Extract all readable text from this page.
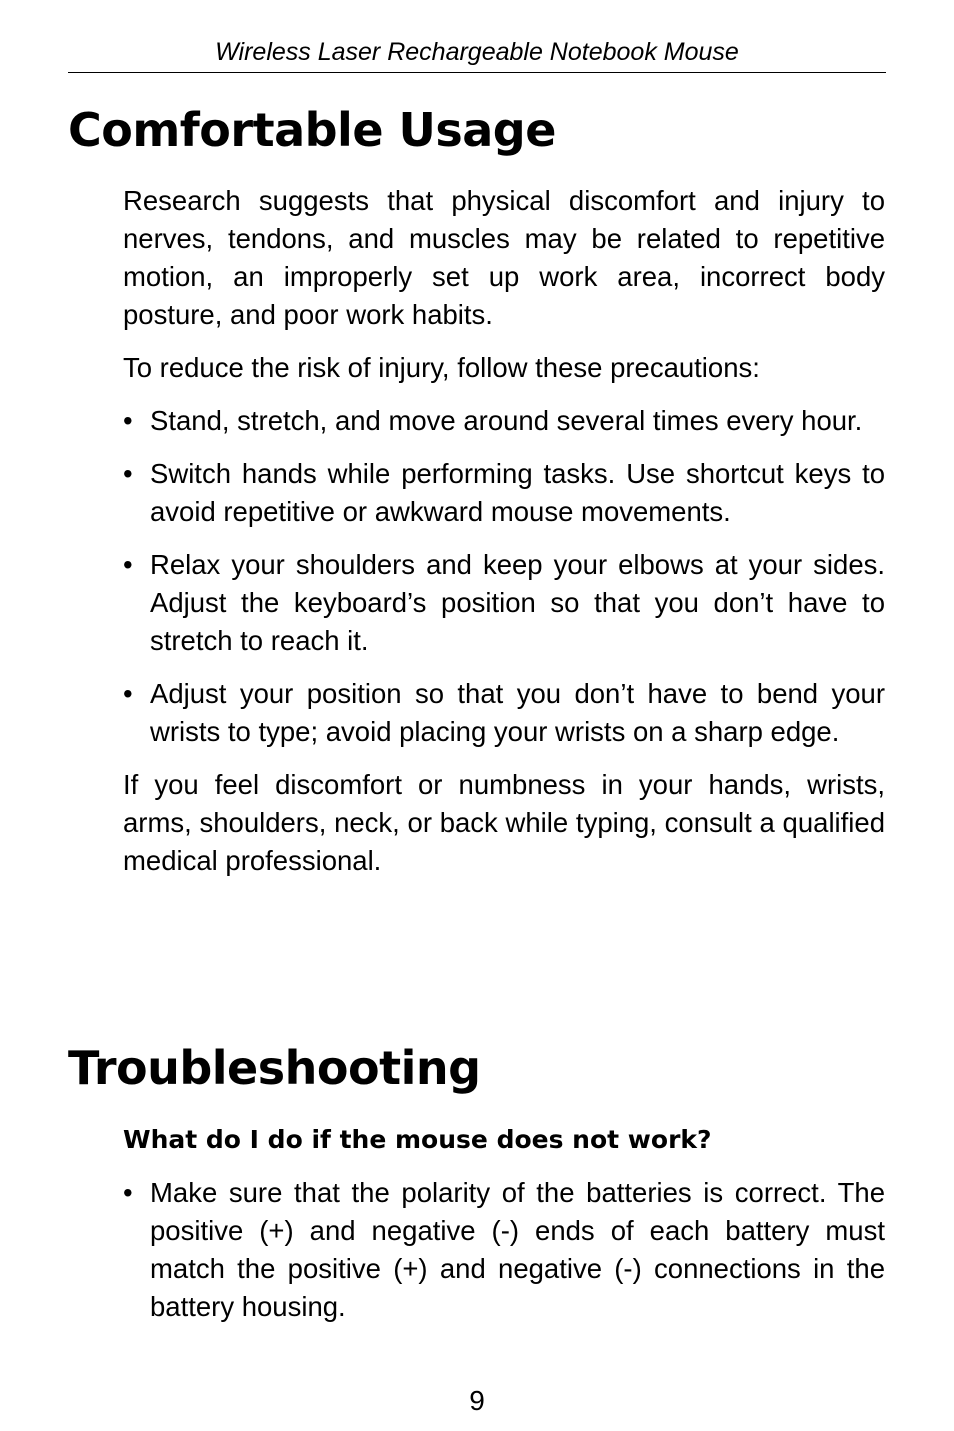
Wireless Laser Rechargeable Notebook Mouse
Comfortable Usage

Research suggests that physical discomfort and injury to nerves, tendons, and muscles may be related to repetitive motion, an improperly set up work area, incorrect body posture, and poor work habits.

To reduce the risk of injury, follow these precautions:

• Stand, stretch, and move around several times every hour.
• Switch hands while performing tasks. Use shortcut keys to avoid repetitive or awkward mouse movements.
• Relax your shoulders and keep your elbows at your sides. Adjust the keyboard’s position so that you don’t have to stretch to reach it.
• Adjust your position so that you don’t have to bend your wrists to type; avoid placing your wrists on a sharp edge.

If you feel discomfort or numbness in your hands, wrists, arms, shoulders, neck, or back while typing, consult a qualified medical professional.

Troubleshooting
What do I do if the mouse does not work?
• Make sure that the polarity of the batteries is correct. The positive (+) and negative (-) ends of each battery must match the positive (+) and negative (-) connections in the battery housing.
9
